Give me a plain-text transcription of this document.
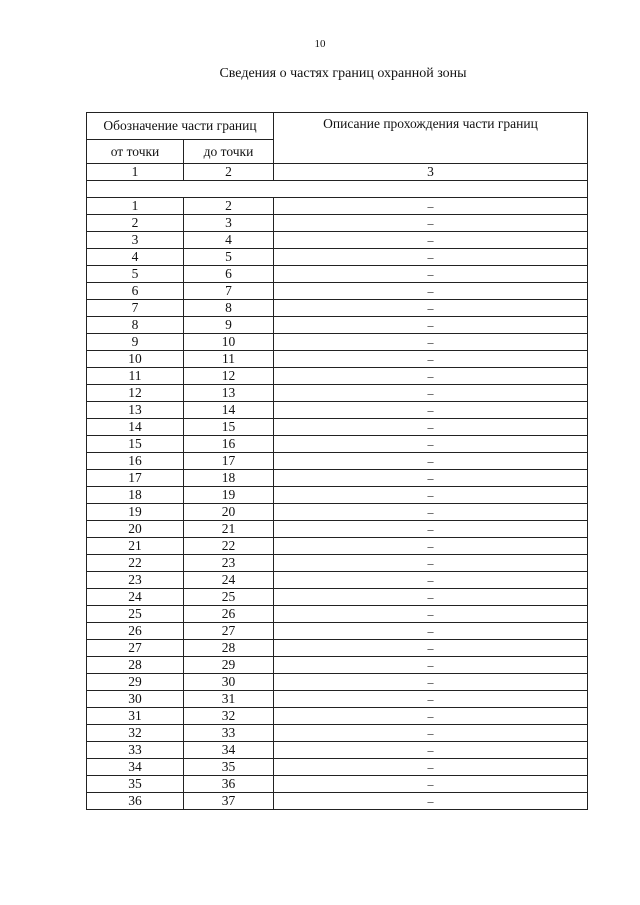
10
Сведения о частях границ охранной зоны
Обозначение части границ		Описание прохождения части границ
от точки	до точки	
1	2	3

1	2	–
2	3	–
3	4	–
4	5	–
5	6	–
6	7	–
7	8	–
8	9	–
9	10	–
10	11	–
11	12	–
12	13	–
13	14	–
14	15	–
15	16	–
16	17	–
17	18	–
18	19	–
19	20	–
20	21	–
21	22	–
22	23	–
23	24	–
24	25	–
25	26	–
26	27	–
27	28	–
28	29	–
29	30	–
30	31	–
31	32	–
32	33	–
33	34	–
34	35	–
35	36	–
36	37	–
